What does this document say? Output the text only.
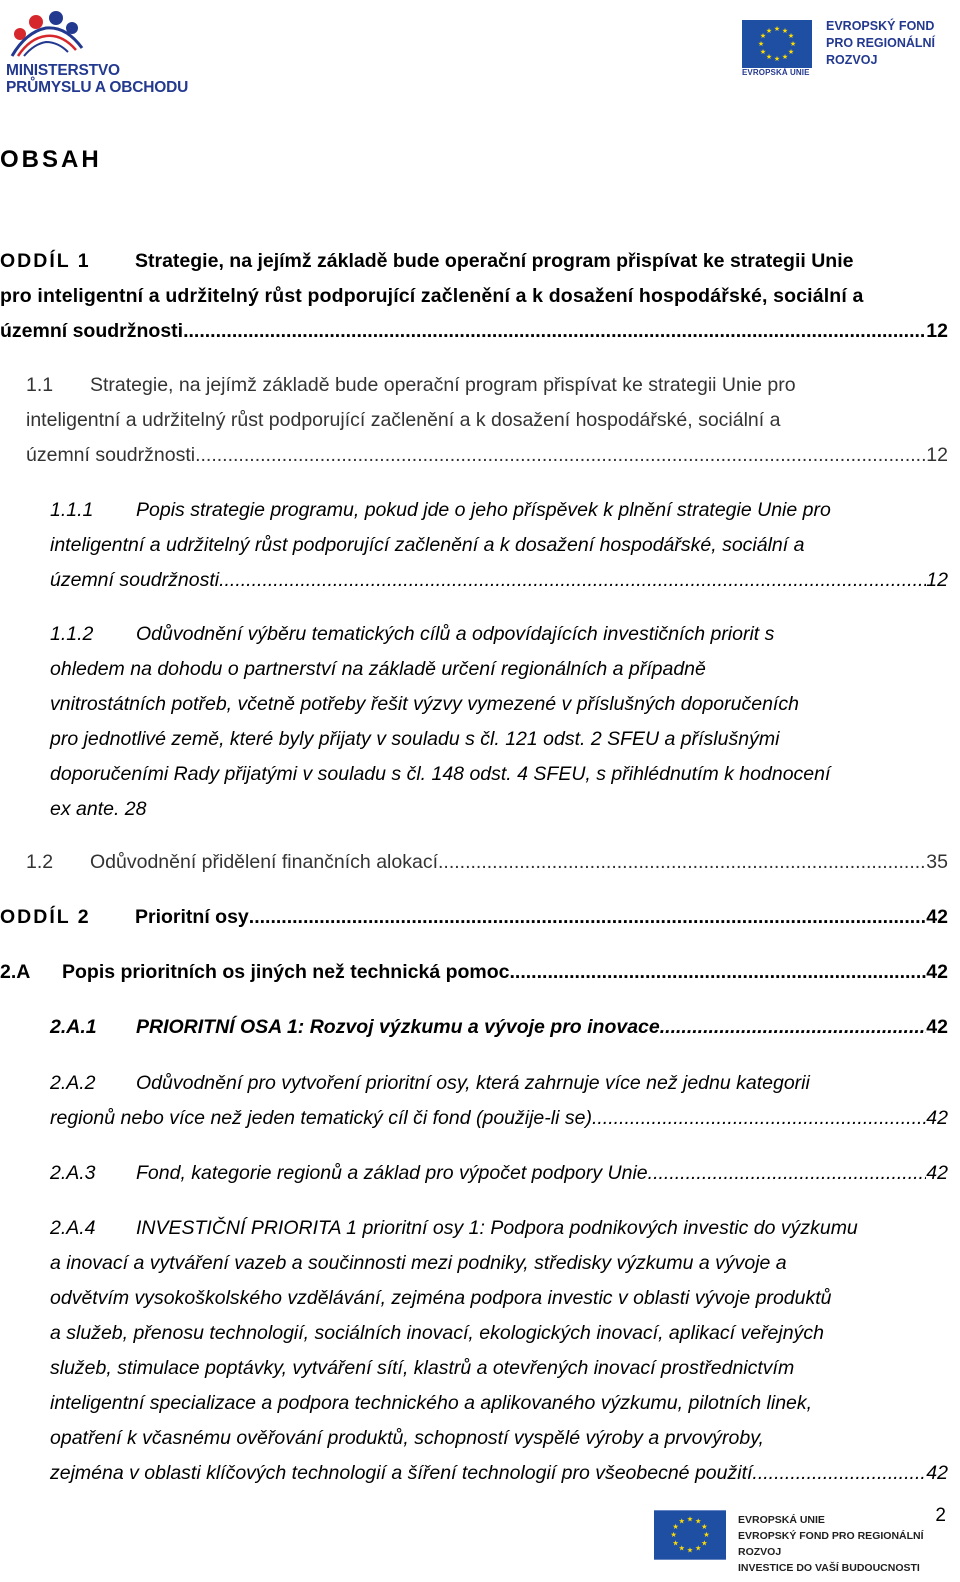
MINISTERSTVO
PRŮMYSLU A OBCHODU
★ ★
★
★
★
★
★
★
★
★
★
★
EVROPSKÁ UNIE
EVROPSKÝ FOND
PRO REGIONÁLNÍ
ROZVOJ
OBSAH
ODDÍL 1 Strategie, na jejímž základě bude operační program přispívat ke strategii Unie
pro inteligentní a udržitelný růst podporující začlenění a k dosažení hospodářské, sociální a
územní soudržnosti .....	12
1.1 Strategie, na jejímž základě bude operační program přispívat ke strategii Unie pro
inteligentní a udržitelný růst podporující začlenění a k dosažení hospodářské, sociální a
územní soudržnosti .....	12
1.1.1 Popis strategie programu, pokud jde o jeho příspěvek k plnění strategie Unie pro
inteligentní a udržitelný růst podporující začlenění a k dosažení hospodářské, sociální a
územní soudržnosti. .....	12
1.1.2 Odůvodnění výběru tematických cílů a odpovídajících investičních priorit s
ohledem na dohodu o partnerství na základě určení regionálních a případně
vnitrostátních potřeb, včetně potřeby řešit výzvy vymezené v příslušných doporučeních
pro jednotlivé země, které byly přijaty v souladu s čl. 121 odst. 2 SFEU a příslušnými
doporučeními Rady přijatými v souladu s čl. 148 odst. 4 SFEU, s přihlédnutím k hodnocení
ex ante. 28
1.2 Odůvodnění přidělení finančních alokací .....	35
ODDÍL 2 Prioritní osy .....	42
2.A Popis prioritních os jiných než technická pomoc .....	42
2.A.1 PRIORITNÍ OSA 1: Rozvoj výzkumu a vývoje pro inovace .....	42
2.A.2 Odůvodnění pro vytvoření prioritní osy, která zahrnuje více než jednu kategorii
regionů nebo více než jeden tematický cíl či fond (použije-li se) .....	42
2.A.3 Fond, kategorie regionů a základ pro výpočet podpory Unie .....	42
2.A.4 INVESTIČNÍ PRIORITA 1 prioritní osy 1: Podpora podnikových investic do výzkumu
a inovací a vytváření vazeb a součinnosti mezi podniky, středisky výzkumu a vývoje a
odvětvím vysokoškolského vzdělávání, zejména podpora investic v oblasti vývoje produktů
a služeb, přenosu technologií, sociálních inovací, ekologických inovací, aplikací veřejných
služeb, stimulace poptávky, vytváření sítí, klastrů a otevřených inovací prostřednictvím
inteligentní specializace a podpora technického a aplikovaného výzkumu, pilotních linek,
opatření k včasnému ověřování produktů, schopností vyspělé výroby a prvovýroby,
zejména v oblasti klíčových technologií a šíření technologií pro všeobecné použití .....	42
2
★ ★
★
★
★
★
★
★
★
★
★
★	EVROPSKÁ UNIE
EVROPSKÝ FOND PRO REGIONÁLNÍ ROZVOJ
INVESTICE DO VAŠÍ BUDOUCNOSTI
